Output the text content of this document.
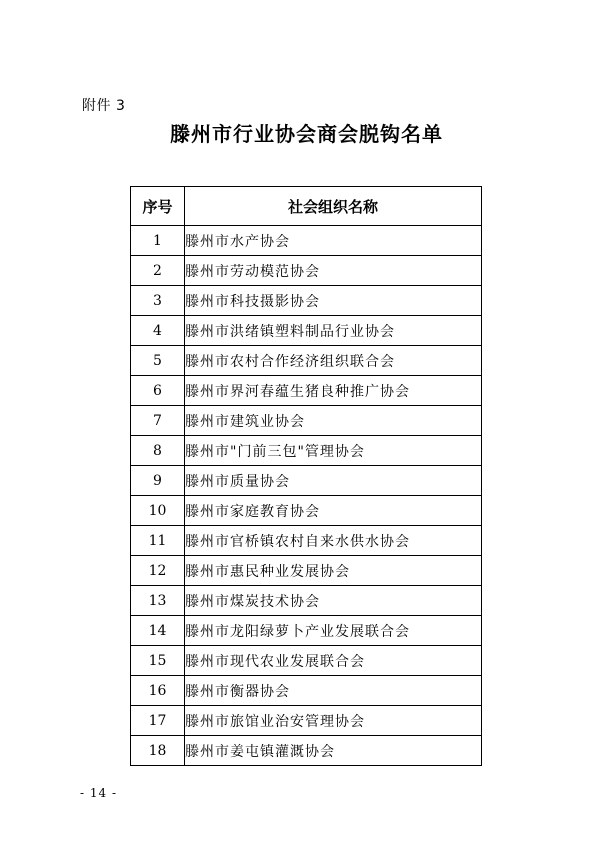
附件 3
滕州市行业协会商会脱钩名单
序号	社会组织名称
1	滕州市水产协会
2	滕州市劳动模范协会
3	滕州市科技摄影协会
4	滕州市洪绪镇塑料制品行业协会
5	滕州市农村合作经济组织联合会
6	滕州市界河春蕴生猪良种推广协会
7	滕州市建筑业协会
8	滕州市"门前三包"管理协会
9	滕州市质量协会
10	滕州市家庭教育协会
11	滕州市官桥镇农村自来水供水协会
12	滕州市惠民种业发展协会
13	滕州市煤炭技术协会
14	滕州市龙阳绿萝卜产业发展联合会
15	滕州市现代农业发展联合会
16	滕州市衡器协会
17	滕州市旅馆业治安管理协会
18	滕州市姜屯镇灌溉协会
- 14 -
